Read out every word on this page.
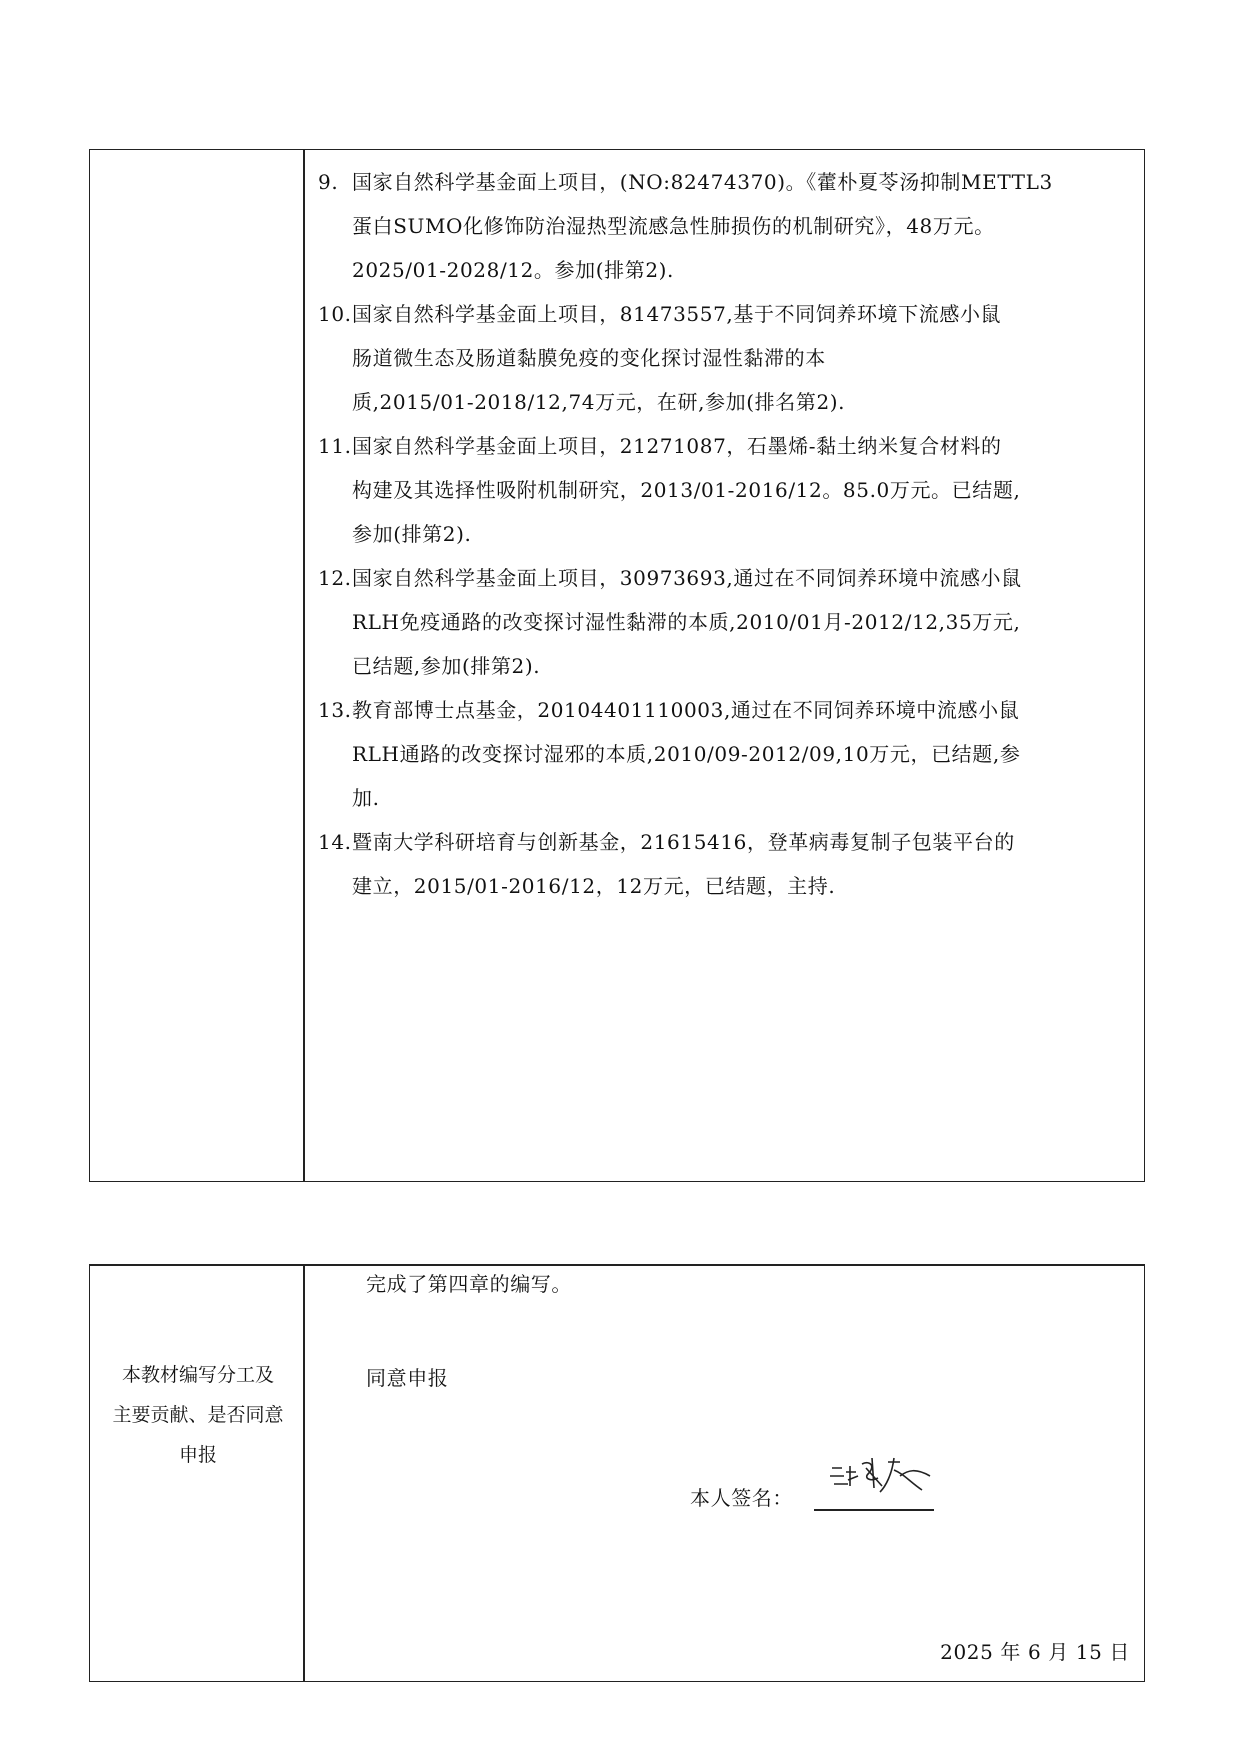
9. 国家自然科学基金面上项目，(NO:82474370)。《藿朴夏苓汤抑制METTL3
蛋白SUMO化修饰防治湿热型流感急性肺损伤的机制研究》，48万元。
2025/01-2028/12。参加(排第2).
10. 国家自然科学基金面上项目，81473557,基于不同饲养环境下流感小鼠
肠道微生态及肠道黏膜免疫的变化探讨湿性黏滞的本
质,2015/01-2018/12,74万元，在研,参加(排名第2).
11. 国家自然科学基金面上项目，21271087，石墨烯-黏土纳米复合材料的
构建及其选择性吸附机制研究，2013/01-2016/12。85.0万元。已结题,
参加(排第2).
12. 国家自然科学基金面上项目，30973693,通过在不同饲养环境中流感小鼠
RLH免疫通路的改变探讨湿性黏滞的本质,2010/01月-2012/12,35万元,
已结题,参加(排第2).
13. 教育部博士点基金，20104401110003,通过在不同饲养环境中流感小鼠
RLH通路的改变探讨湿邪的本质,2010/09-2012/09,10万元，已结题,参
加.
14. 暨南大学科研培育与创新基金，21615416，登革病毒复制子包装平台的
建立，2015/01-2016/12，12万元，已结题，主持.
本教材编写分工及
主要贡献、是否同意
申报
完成了第四章的编写。
同意申报
本人签名：
2025 年 6 月 15 日
